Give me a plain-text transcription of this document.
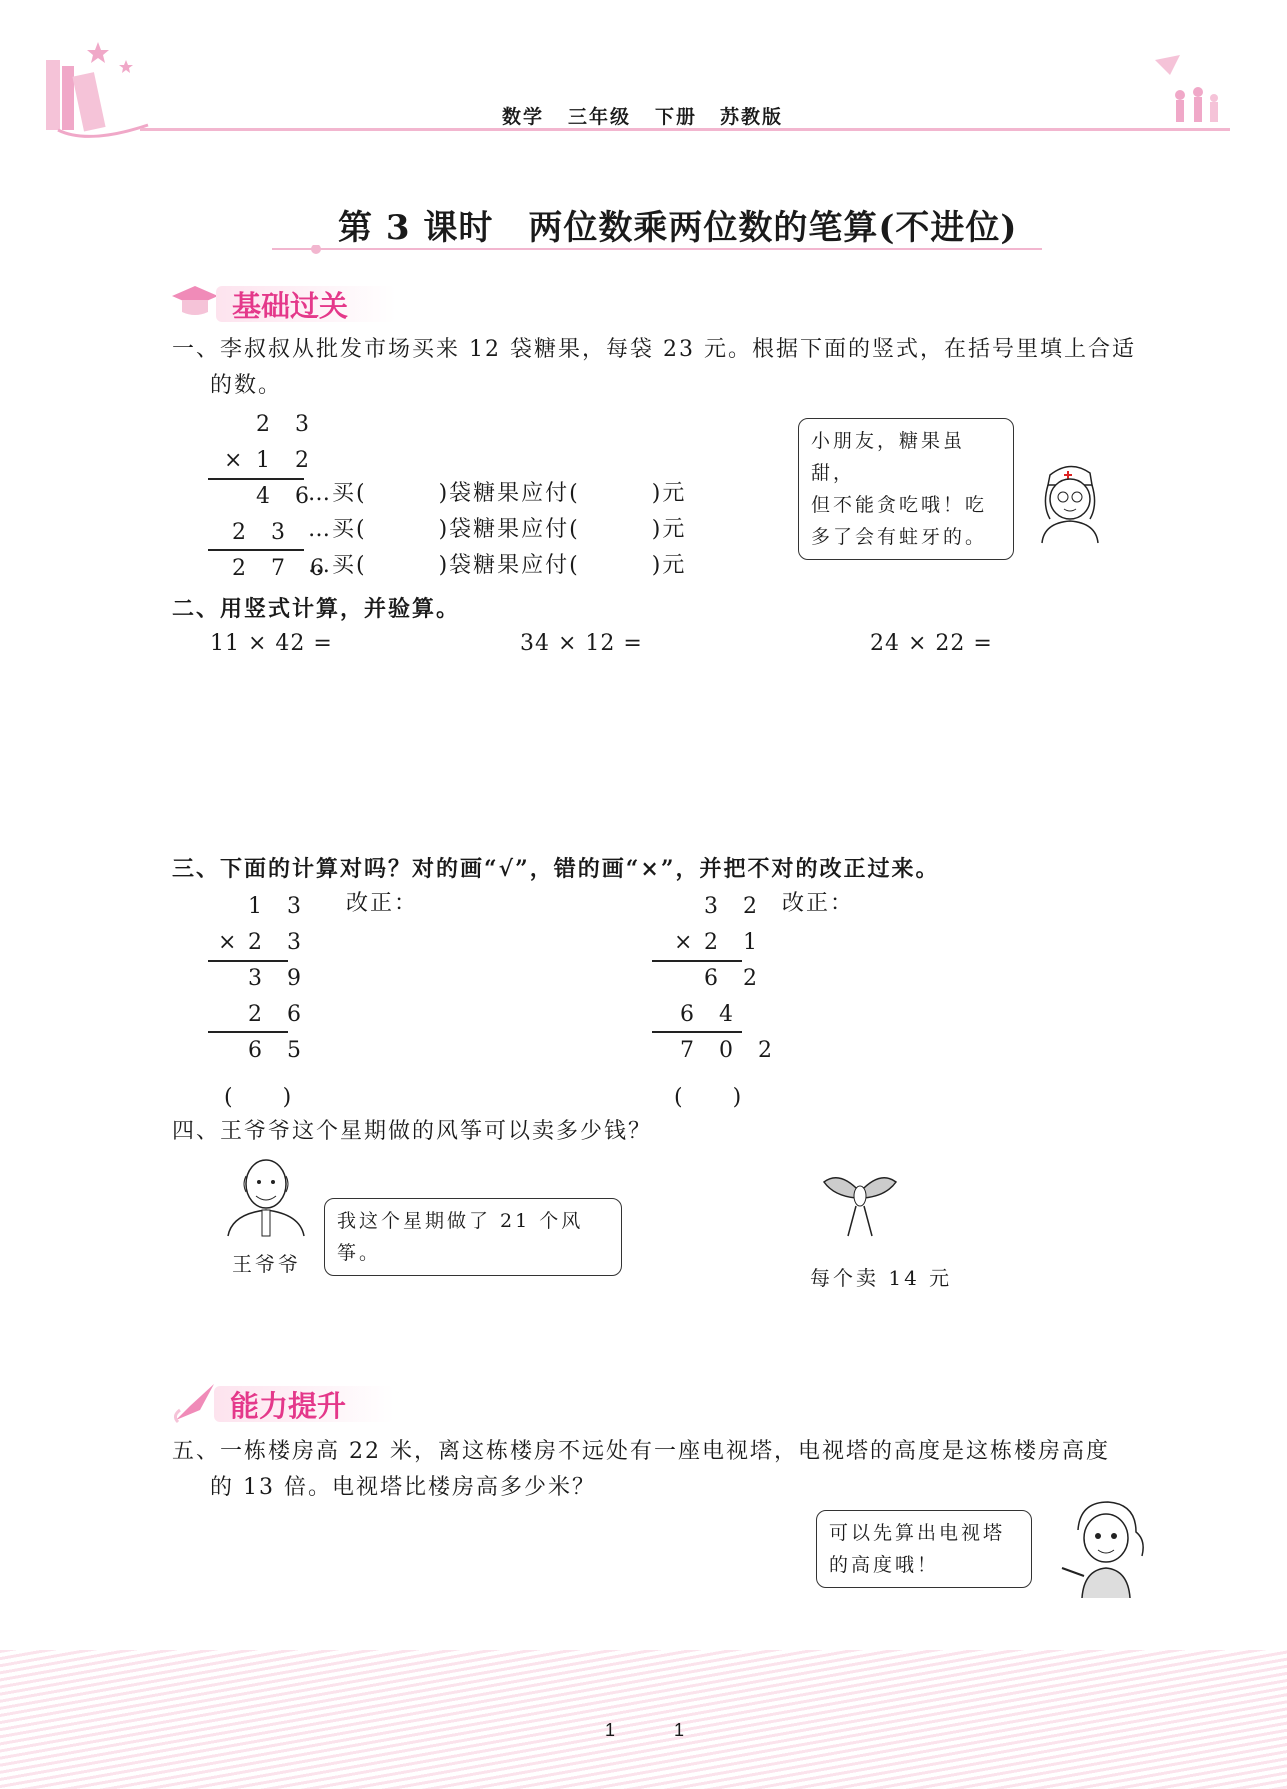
数学 三年级 下册 苏教版
第 3 课时　两位数乘两位数的笔算(不进位)
基础过关
一、李叔叔从批发市场买来 12 袋糖果，每袋 23 元。根据下面的竖式，在括号里填上合适
的数。
2 3
× 1 2
4 6
2 3
2 7 6
…买(　　　)袋糖果应付(　　　)元
…买(　　　)袋糖果应付(　　　)元
…买(　　　)袋糖果应付(　　　)元
小朋友，糖果虽甜，
但不能贪吃哦！吃
多了会有蛀牙的。
二、用竖式计算，并验算。
11 × 42 =	34 × 12 =	24 × 22 =
三、下面的计算对吗？对的画“√”，错的画“×”，并把不对的改正过来。
1 3
× 2 3
3 9
2 6
6 5
(　　)
改正：	3 2
× 2 1
6 2
6 4
7 0 2
(　　)
改正：
四、王爷爷这个星期做的风筝可以卖多少钱？
王爷爷
我这个星期做了 21 个风筝。
每个卖 14 元
能力提升
五、一栋楼房高 22 米，离这栋楼房不远处有一座电视塔，电视塔的高度是这栋楼房高度
的 13 倍。电视塔比楼房高多少米？
可以先算出电视塔
的高度哦！
1	1
